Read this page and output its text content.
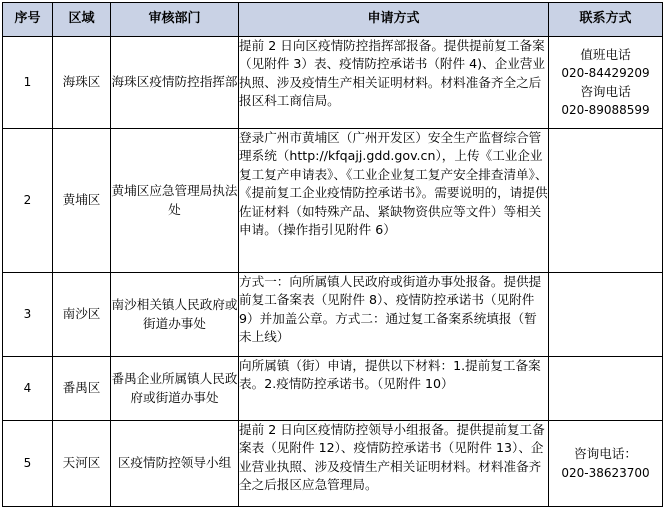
序号	区域	审核部门	申请方式	联系方式
1	海珠区	海珠区疫情防控指挥部	提前 2 日向区疫情防控指挥部报备。提供提前复工备案（见附件 3）表、疫情防控承诺书（附件 4)、企业营业执照、涉及疫情生产相关证明材料。材料准备齐全之后报区科工商信局。	值班电话
020-84429209
咨询电话
020-89088599

2	黄埔区	黄埔区应急管理局执法处	登录广州市黄埔区（广州开发区）安全生产监督综合管理系统（http://kfqajj.gdd.gov.cn），上传《工业企业复工复产申请表》、《工业企业复工复产安全排查清单》、《提前复工企业疫情防控承诺书》。需要说明的，请提供佐证材料（如特殊产品、紧缺物资供应等文件）等相关申请。（操作指引见附件 6）	
3	南沙区	南沙相关镇人民政府或街道办事处	方式一：向所属镇人民政府或街道办事处报备。提供提前复工备案表（见附件 8）、疫情防控承诺书（见附件 9）并加盖公章。方式二：通过复工备案系统填报（暂未上线）	
4	番禺区	番禺企业所属镇人民政府或街道办事处	向所属镇（街）申请，提供以下材料：1.提前复工备案表。2.疫情防控承诺书。（见附件 10）	
5	天河区	区疫情防控领导小组	提前 2 日向区疫情防控领导小组报备。提供提前复工备案表（见附件 12）、疫情防控承诺书（见附件 13）、企业营业执照、涉及疫情生产相关证明材料。材料准备齐全之后报区应急管理局。	咨询电话：
020-38623700
